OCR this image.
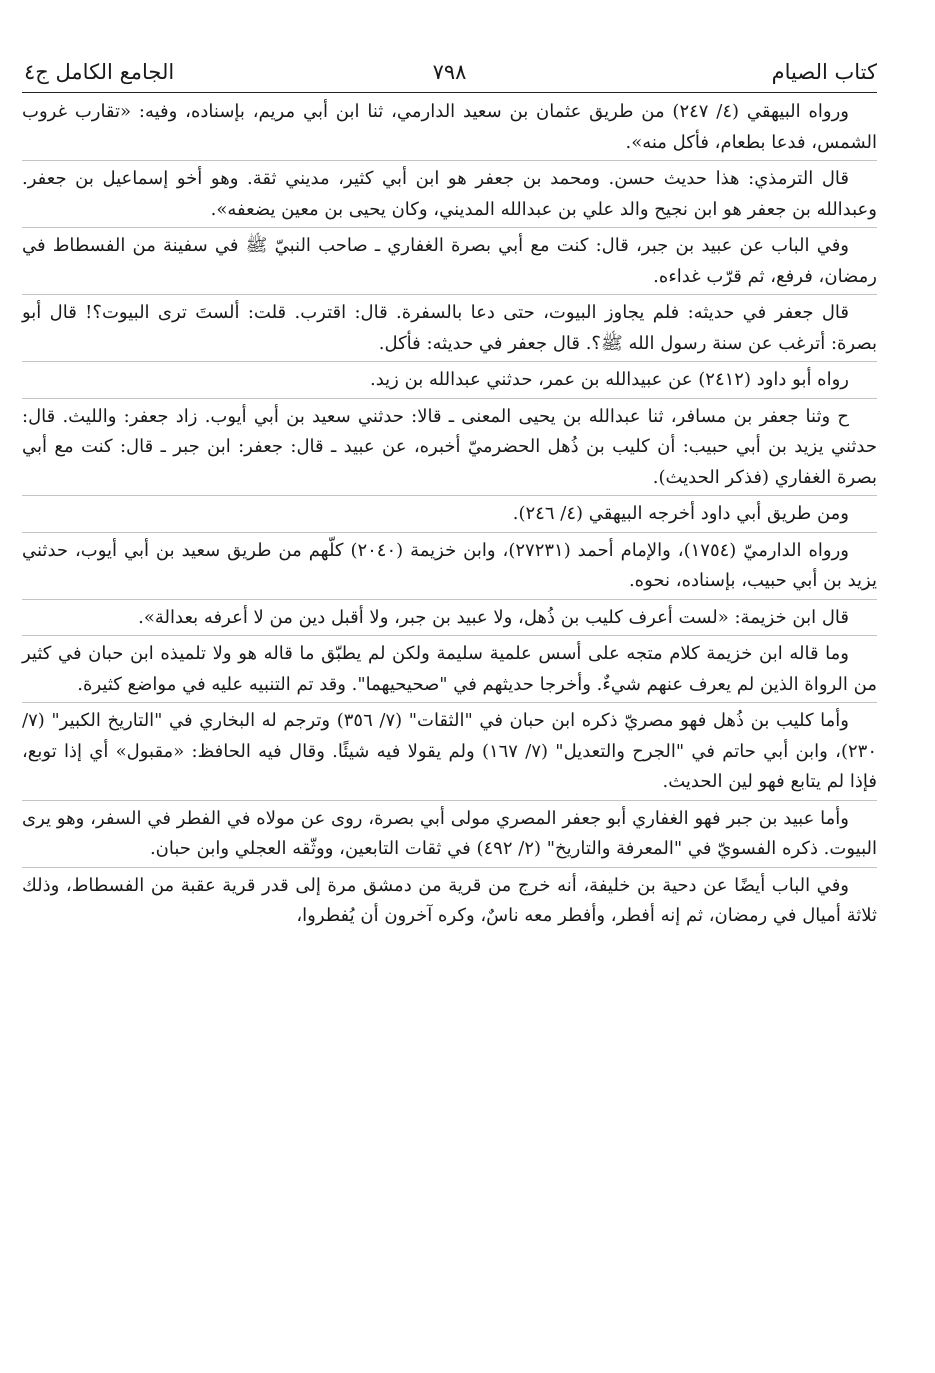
كتاب الصيام
٧٩٨
الجامع الكامل ج٤

ورواه البيهقي (٤/ ٢٤٧) من طريق عثمان بن سعيد الدارمي، ثنا ابن أبي مريم، بإسناده، وفيه: «تقارب غروب الشمس، فدعا بطعام، فأكل منه».

قال الترمذي: هذا حديث حسن. ومحمد بن جعفر هو ابن أبي كثير، مديني ثقة. وهو أخو إسماعيل بن جعفر. وعبدالله بن جعفر هو ابن نجيح والد علي بن عبدالله المديني، وكان يحيى بن معين يضعفه».

وفي الباب عن عبيد بن جبر، قال: كنت مع أبي بصرة الغفاري ـ صاحب النبيّ ﷺ في سفينة من الفسطاط في رمضان، فرفع، ثم قرّب غداءه.

قال جعفر في حديثه: فلم يجاوز البيوت، حتى دعا بالسفرة. قال: اقترب. قلت: ألستَ ترى البيوت؟! قال أبو بصرة: أترغب عن سنة رسول الله ﷺ؟. قال جعفر في حديثه: فأكل.

رواه أبو داود (٢٤١٢) عن عبيدالله بن عمر، حدثني عبدالله بن زيد.

ح وثنا جعفر بن مسافر، ثنا عبدالله بن يحيى المعنى ـ قالا: حدثني سعيد بن أبي أيوب. زاد جعفر: والليث. قال: حدثني يزيد بن أبي حبيب: أن كليب بن ذُهل الحضرميّ أخبره، عن عبيد ـ قال: جعفر: ابن جبر ـ قال: كنت مع أبي بصرة الغفاري (فذكر الحديث).

ومن طريق أبي داود أخرجه البيهقي (٤/ ٢٤٦).

ورواه الدارميّ (١٧٥٤)، والإمام أحمد (٢٧٢٣١)، وابن خزيمة (٢٠٤٠) كلّهم من طريق سعيد بن أبي أيوب، حدثني يزيد بن أبي حبيب، بإسناده، نحوه.

قال ابن خزيمة: «لست أعرف كليب بن ذُهل، ولا عبيد بن جبر، ولا أقبل دين من لا أعرفه بعدالة».

وما قاله ابن خزيمة كلام متجه على أسس علمية سليمة ولكن لم يطبّق ما قاله هو ولا تلميذه ابن حبان في كثير من الرواة الذين لم يعرف عنهم شيءٌ. وأخرجا حديثهم في "صحيحيهما". وقد تم التنبيه عليه في مواضع كثيرة.

وأما كليب بن ذُهل فهو مصريّ ذكره ابن حبان في "الثقات" (٧/ ٣٥٦) وترجم له البخاري في "التاريخ الكبير" (٧/ ٢٣٠)، وابن أبي حاتم في "الجرح والتعديل" (٧/ ١٦٧) ولم يقولا فيه شيئًا. وقال فيه الحافظ: «مقبول» أي إذا توبع، فإذا لم يتابع فهو لين الحديث.

وأما عبيد بن جبر فهو الغفاري أبو جعفر المصري مولى أبي بصرة، روى عن مولاه في الفطر في السفر، وهو يرى البيوت. ذكره الفسويّ في "المعرفة والتاريخ" (٢/ ٤٩٢) في ثقات التابعين، ووثّقه العجلي وابن حبان.

وفي الباب أيضًا عن دحية بن خليفة، أنه خرج من قرية من دمشق مرة إلى قدر قرية عقبة من الفسطاط، وذلك ثلاثة أميال في رمضان، ثم إنه أفطر، وأفطر معه ناسٌ، وكره آخرون أن يُفطروا،
